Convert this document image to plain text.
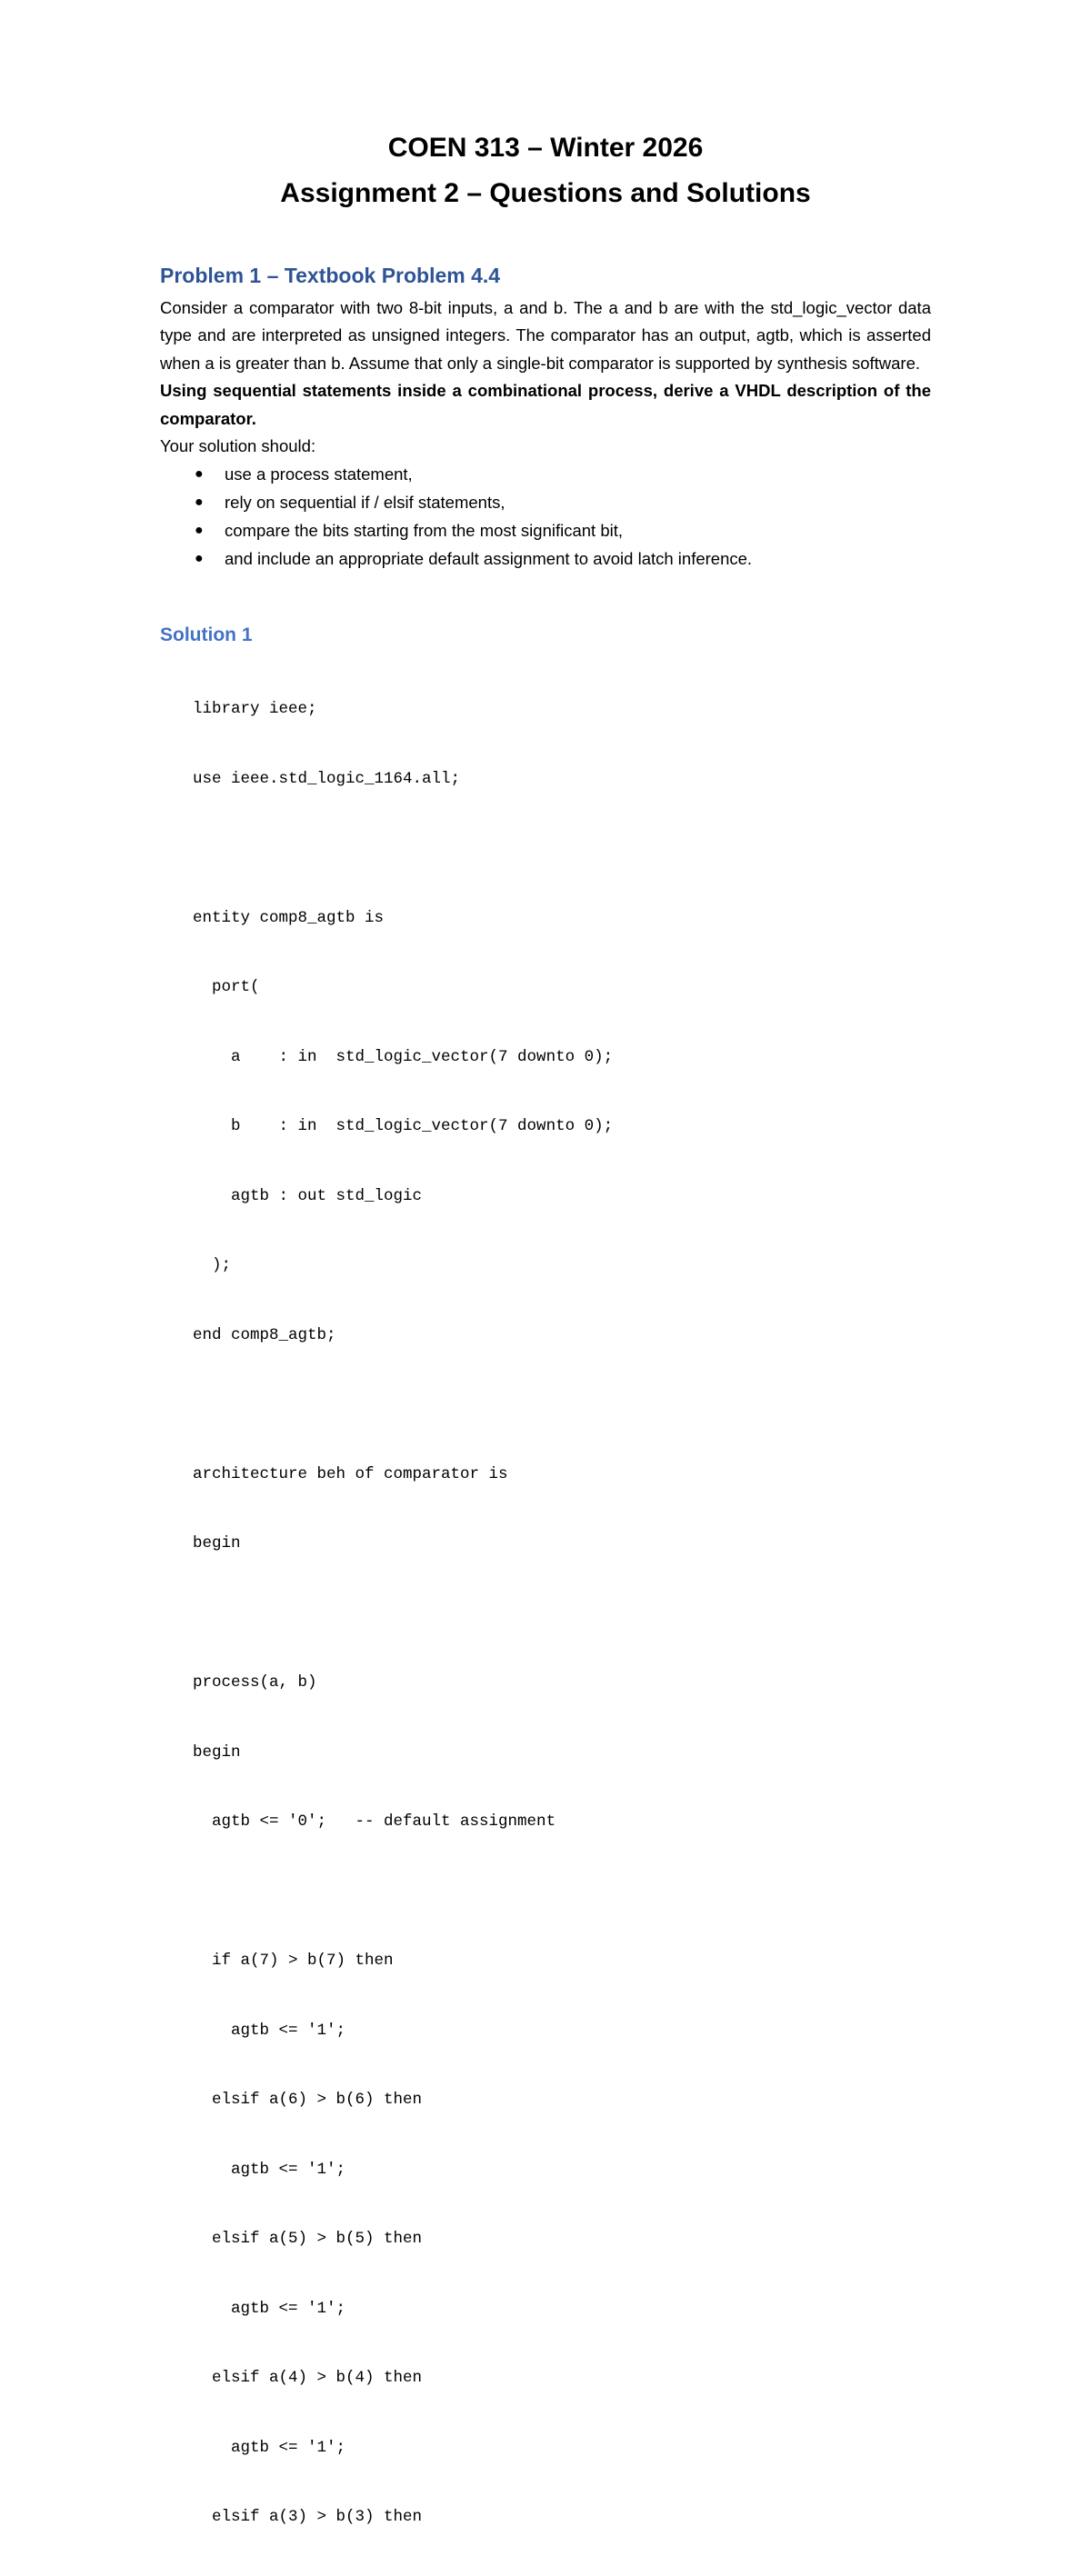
COEN 313 – Winter 2026
Assignment 2 – Questions and Solutions
Problem 1 – Textbook Problem 4.4

Consider a comparator with two 8-bit inputs, a and b. The a and b are with the std_logic_vector data type and are interpreted as unsigned integers. The comparator has an output, agtb, which is asserted when a is greater than b. Assume that only a single-bit comparator is supported by synthesis software.

Using sequential statements inside a combinational process, derive a VHDL description of the comparator.

Your solution should:

● use a process statement,
● rely on sequential if / elsif statements,
● compare the bits starting from the most significant bit,
● and include an appropriate default assignment to avoid latch inference.
Solution 1

library ieee;

use ieee.std_logic_1164.all;

entity comp8_agtb is

port(

a    : in  std_logic_vector(7 downto 0);

b    : in  std_logic_vector(7 downto 0);

agtb : out std_logic

);

end comp8_agtb;

architecture beh of comparator is

begin

process(a, b)

begin

agtb <= '0';   -- default assignment

if a(7) > b(7) then

agtb <= '1';

elsif a(6) > b(6) then

agtb <= '1';

elsif a(5) > b(5) then

agtb <= '1';

elsif a(4) > b(4) then

agtb <= '1';

elsif a(3) > b(3) then
